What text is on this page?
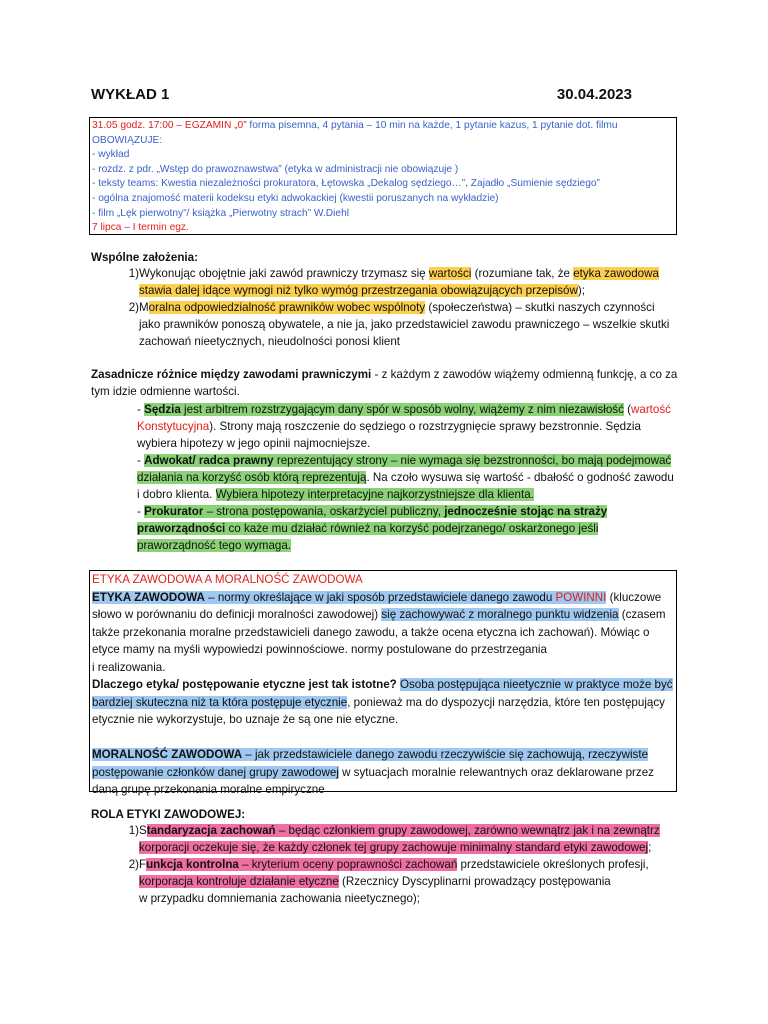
WYKŁAD 1	30.04.2023
31.05 godz. 17:00 – EGZAMIN „0” forma pisemna, 4 pytania – 10 min na każde, 1 pytanie kazus, 1 pytanie dot. filmu
OBOWIĄZUJE:
- wykład
- rozdz. z pdr. „Wstęp do prawoznawstwa” (etyka w administracji nie obowiązuje )
- teksty teams: Kwestia niezależności prokuratora, Łętowska „Dekalog sędziego…”, Zajadło „Sumienie sędziego”
- ogólna znajomość materii kodeksu etyki adwokackiej (kwestii poruszanych na wykładzie)
- film „Lęk pierwotny”/ książka „Pierwotny strach” W.Diehl
7 lipca – I termin egz.
Wspólne założenia:
1) Wykonując obojętnie jaki zawód prawniczy trzymasz się wartości (rozumiane tak, że etyka zawodowa
stawia dalej idące wymogi niż tylko wymóg przestrzegania obowiązujących przepisów);
2) Moralna odpowiedzialność prawników wobec wspólnoty (społeczeństwa) – skutki naszych czynności
jako prawników ponoszą obywatele, a nie ja, jako przedstawiciel zawodu prawniczego – wszelkie skutki
zachowań nieetycznych, nieudolności ponosi klient
Zasadnicze różnice między zawodami prawniczymi - z każdym z zawodów wiążemy odmienną funkcję, a co za
tym idzie odmienne wartości.
- Sędzia jest arbitrem rozstrzygającym dany spór w sposób wolny, wiążemy z nim niezawisłość (wartość
Konstytucyjna). Strony mają roszczenie do sędziego o rozstrzygnięcie sprawy bezstronnie. Sędzia
wybiera hipotezy w jego opinii najmocniejsze.
- Adwokat/ radca prawny reprezentujący strony – nie wymaga się bezstronności, bo mają podejmować
działania na korzyść osób którą reprezentują. Na czoło wysuwa się wartość - dbałość o godność zawodu
i dobro klienta. Wybiera hipotezy interpretacyjne najkorzystniejsze dla klienta.
- Prokurator – strona postępowania, oskarżyciel publiczny, jednocześnie stojąc na straży
praworządności co każe mu działać również na korzyść podejrzanego/ oskarżonego jeśli
praworządność tego wymaga.
ETYKA ZAWODOWA A MORALNOŚĆ ZAWODOWA
ETYKA ZAWODOWA – normy określające w jaki sposób przedstawiciele danego zawodu POWINNI (kluczowe
słowo w porównaniu do definicji moralności zawodowej) się zachowywać z moralnego punktu widzenia (czasem
także przekonania moralne przedstawicieli danego zawodu, a także ocena etyczna ich zachowań). Mówiąc o
etyce mamy na myśli wypowiedzi powinnościowe. normy postulowane do przestrzegania
i realizowania.
Dlaczego etyka/ postępowanie etyczne jest tak istotne? Osoba postępująca nieetycznie w praktyce może być
bardziej skuteczna niż ta która postępuje etycznie, ponieważ ma do dyspozycji narzędzia, które ten postępujący
etycznie nie wykorzystuje, bo uznaje że są one nie etyczne.

MORALNOŚĆ ZAWODOWA – jak przedstawiciele danego zawodu rzeczywiście się zachowują, rzeczywiste
postępowanie członków danej grupy zawodowej w sytuacjach moralnie relewantnych oraz deklarowane przez
daną grupę przekonania moralne empiryczne
ROLA ETYKI ZAWODOWEJ:
1) Standaryzacja zachowań – będąc członkiem grupy zawodowej, zarówno wewnątrz jak i na zewnątrz
korporacji oczekuje się, że każdy członek tej grupy zachowuje minimalny standard etyki zawodowej;
2) Funkcja kontrolna – kryterium oceny poprawności zachowań przedstawiciele określonych profesji,
korporacja kontroluje działanie etyczne (Rzecznicy Dyscyplinarni prowadzący postępowania
w przypadku domniemania zachowania nieetycznego);
